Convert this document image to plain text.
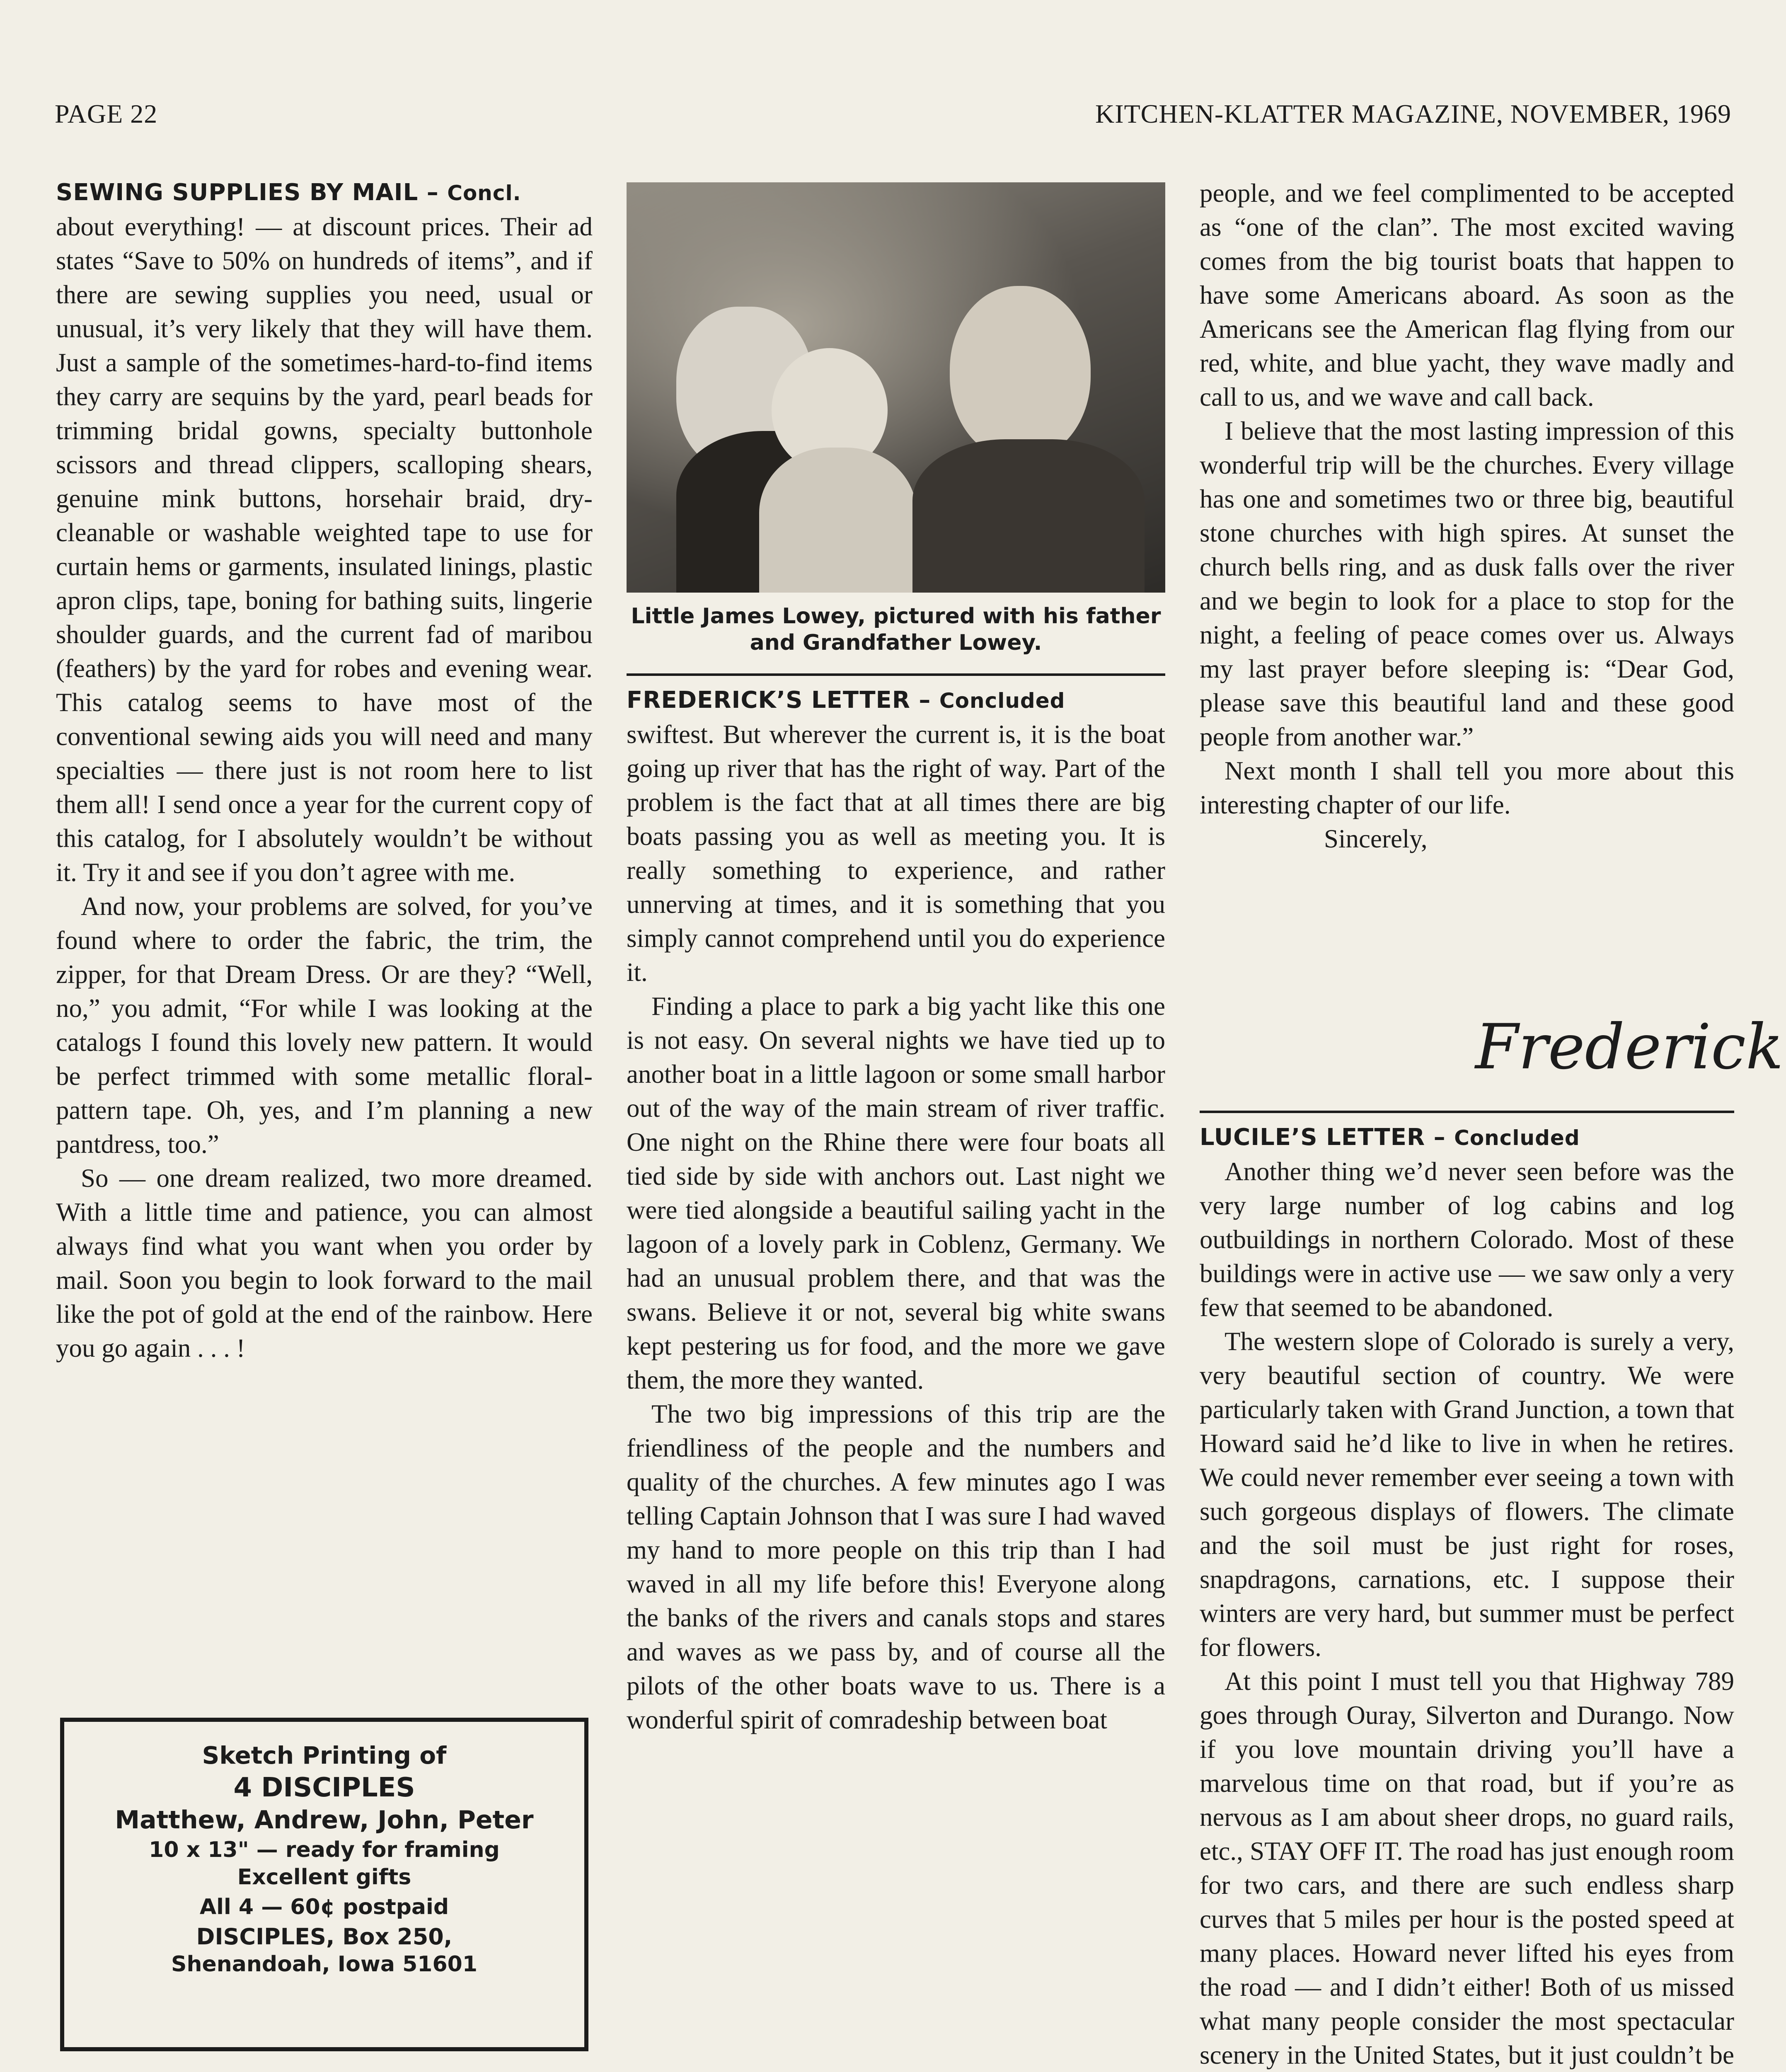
PAGE 22	KITCHEN-KLATTER MAGAZINE, NOVEMBER, 1969
SEWING SUPPLIES BY MAIL – Concl.

about everything! — at discount prices. Their ad states “Save to 50% on hundreds of items”, and if there are sewing supplies you need, usual or unusual, it’s very likely that they will have them. Just a sample of the sometimes-hard-to-find items they carry are sequins by the yard, pearl beads for trimming bridal gowns, specialty buttonhole scissors and thread clippers, scalloping shears, genuine mink buttons, horsehair braid, dry-cleanable or washable weighted tape to use for curtain hems or garments, insulated linings, plastic apron clips, tape, boning for bathing suits, lingerie shoulder guards, and the current fad of maribou (feathers) by the yard for robes and evening wear. This catalog seems to have most of the conventional sewing aids you will need and many specialties — there just is not room here to list them all! I send once a year for the current copy of this catalog, for I absolutely wouldn’t be without it. Try it and see if you don’t agree with me.

And now, your problems are solved, for you’ve found where to order the fabric, the trim, the zipper, for that Dream Dress. Or are they? “Well, no,” you admit, “For while I was looking at the catalogs I found this lovely new pattern. It would be perfect trimmed with some metallic floral-pattern tape. Oh, yes, and I’m planning a new pantdress, too.”

So — one dream realized, two more dreamed. With a little time and patience, you can almost always find what you want when you order by mail. Soon you begin to look forward to the mail like the pot of gold at the end of the rainbow. Here you go again . . . !

Sketch Printing of
4 DISCIPLES
Matthew, Andrew, John, Peter
10 x 13" — ready for framing
Excellent gifts
All 4 — 60¢ postpaid
DISCIPLES, Box 250,
Shenandoah, Iowa 51601
Little James Lowey, pictured with his father and Grandfather Lowey.
FREDERICK’S LETTER – Concluded

swiftest. But wherever the current is, it is the boat going up river that has the right of way. Part of the problem is the fact that at all times there are big boats passing you as well as meeting you. It is really something to experience, and rather unnerving at times, and it is something that you simply cannot comprehend until you do experience it.

Finding a place to park a big yacht like this one is not easy. On several nights we have tied up to another boat in a little lagoon or some small harbor out of the way of the main stream of river traffic. One night on the Rhine there were four boats all tied side by side with anchors out. Last night we were tied alongside a beautiful sailing yacht in the lagoon of a lovely park in Coblenz, Germany. We had an unusual problem there, and that was the swans. Believe it or not, several big white swans kept pestering us for food, and the more we gave them, the more they wanted.

The two big impressions of this trip are the friendliness of the people and the numbers and quality of the churches. A few minutes ago I was telling Captain Johnson that I was sure I had waved my hand to more people on this trip than I had waved in all my life before this! Everyone along the banks of the rivers and canals stops and stares and waves as we pass by, and of course all the pilots of the other boats wave to us. There is a wonderful spirit of comradeship between boat

people, and we feel complimented to be accepted as “one of the clan”. The most excited waving comes from the big tourist boats that happen to have some Americans aboard. As soon as the Americans see the American flag flying from our red, white, and blue yacht, they wave madly and call to us, and we wave and call back.

I believe that the most lasting impression of this wonderful trip will be the churches. Every village has one and sometimes two or three big, beautiful stone churches with high spires. At sunset the church bells ring, and as dusk falls over the river and we begin to look for a place to stop for the night, a feeling of peace comes over us. Always my last prayer before sleeping is: “Dear God, please save this beautiful land and these good people from another war.”

Next month I shall tell you more about this interesting chapter of our life.

Sincerely,
Frederick
LUCILE’S LETTER – Concluded

Another thing we’d never seen before was the very large number of log cabins and log outbuildings in northern Colorado. Most of these buildings were in active use — we saw only a very few that seemed to be abandoned.

The western slope of Colorado is surely a very, very beautiful section of country. We were particularly taken with Grand Junction, a town that Howard said he’d like to live in when he retires. We could never remember ever seeing a town with such gorgeous displays of flowers. The climate and the soil must be just right for roses, snapdragons, carnations, etc. I suppose their winters are very hard, but summer must be perfect for flowers.

At this point I must tell you that Highway 789 goes through Ouray, Silverton and Durango. Now if you love mountain driving you’ll have a marvelous time on that road, but if you’re as nervous as I am about sheer drops, no guard rails, etc., STAY OFF IT. The road has just enough room for two cars, and there are such endless sharp curves that 5 miles per hour is the posted speed at many places. Howard never lifted his eyes from the road — and I didn’t either! Both of us missed what many people consider the most spectacular scenery in the United States, but it just couldn’t be
